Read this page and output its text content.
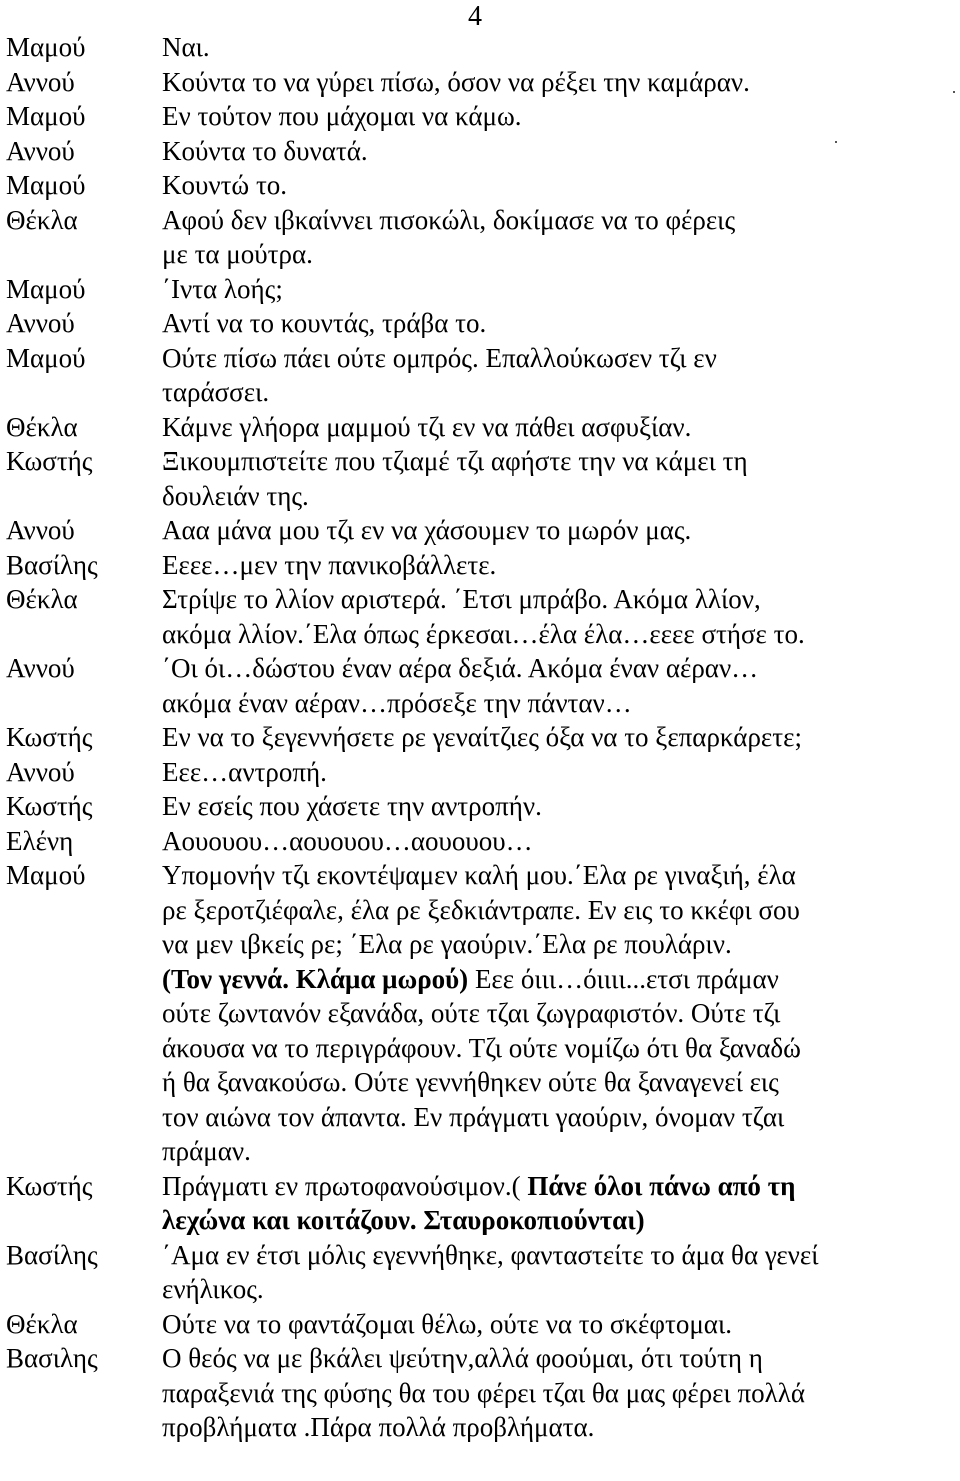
4
Μαμού	Ναι.
Αννού	Κούντα το να γύρει πίσω, όσον να ρέξει την καμάραν.
Μαμού	Εν τούτον που μάχομαι να κάμω.
Αννού	Κούντα το δυνατά.
Μαμού	Κουντώ το.
Θέκλα	Αφού δεν ιβκαίννει πισοκώλι, δοκίμασε να το φέρεις
με τα μούτρα.
Μαμού	΄Ιντα λοής;
Αννού	Αντί να το κουντάς, τράβα το.
Μαμού	Ούτε πίσω πάει ούτε ομπρός. Επαλλούκωσεν τζι εν
ταράσσει.
Θέκλα	Κάμνε γλήορα μαμμού τζι εν να πάθει ασφυξίαν.
Κωστής	Ξικουμπιστείτε που τζιαμέ τζι αφήστε την να κάμει τη
δουλειάν της.
Αννού	Ααα μάνα μου τζι εν να χάσουμεν το μωρόν μας.
Βασίλης	Εεεε…μεν την πανικοβάλλετε.
Θέκλα	Στρίψε το λλίον αριστερά. ΄Ετσι μπράβο. Ακόμα λλίον,
ακόμα λλίον.΄Ελα όπως έρκεσαι…έλα έλα…εεεε στήσε το.
Αννού	΄Οι όι…δώστου έναν αέρα δεξιά. Ακόμα έναν αέραν…
ακόμα έναν αέραν…πρόσεξε την πάνταν…
Κωστής	Εν να το ξεγεννήσετε ρε γεναίτζιες όξα να το ξεπαρκάρετε;
Αννού	Εεε…αντροπή.
Κωστής	Εν εσείς που χάσετε την αντροπήν.
Ελένη	Αουουου…αουουου…αουουου…
Μαμού	Υπομονήν τζι εκοντέψαμεν καλή μου.΄Ελα ρε γιναξιή, έλα
ρε ξεροτζιέφαλε, έλα ρε ξεδκιάντραπε. Εν εις το κκέφι σου
να μεν ιβκείς ρε; ΄Ελα ρε γαούριν.΄Ελα ρε πουλάριν.
(Τον γεννά. Κλάμα μωρού) Εεε όιιι…όιιιι...ετσι πράμαν
ούτε ζωντανόν εξανάδα, ούτε τζαι ζωγραφιστόν. Ούτε τζι
άκουσα να το περιγράφουν. Τζι ούτε νομίζω ότι θα ξαναδώ
ή θα ξανακούσω. Ούτε γεννήθηκεν ούτε θα ξαναγενεί εις
τον αιώνα τον άπαντα. Εν πράγματι γαούριν, όνομαν τζαι
πράμαν.
Κωστής	Πράγματι εν πρωτοφανούσιμον.( Πάνε όλοι πάνω από τη
λεχώνα και κοιτάζουν. Σταυροκοπιούνται)
Βασίλης	΄Αμα εν έτσι μόλις εγεννήθηκε, φανταστείτε το άμα θα γενεί
ενήλικος.
Θέκλα	Ούτε να το φαντάζομαι θέλω, ούτε να το σκέφτομαι.
Βασιλης	Ο θεός να με βκάλει ψεύτην,αλλά φοούμαι, ότι τούτη η
παραξενιά της φύσης θα του φέρει τζαι θα μας φέρει πολλά
προβλήματα .Πάρα πολλά προβλήματα.
